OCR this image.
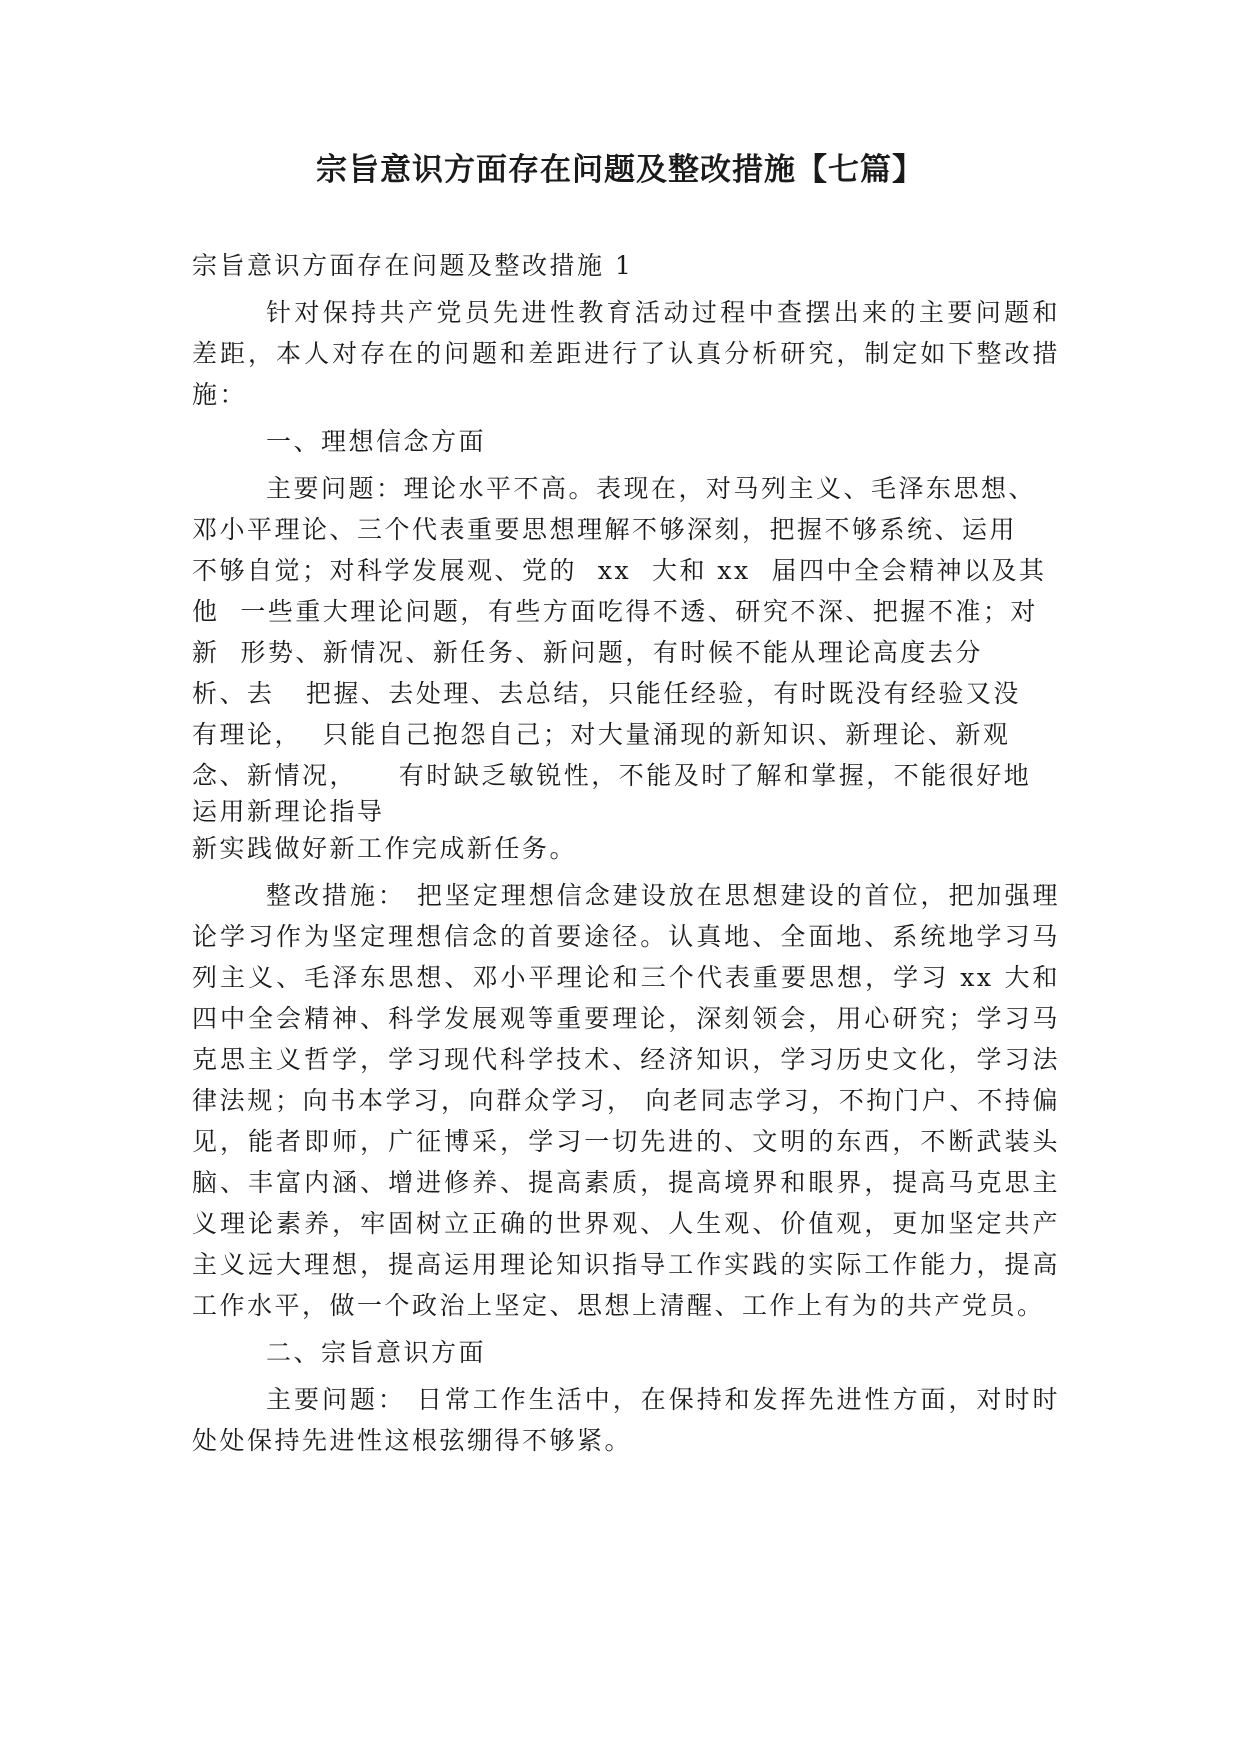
宗旨意识方面存在问题及整改措施【七篇】

宗旨意识方面存在问题及整改措施 1

针对保持共产党员先进性教育活动过程中查摆出来的主要问题和差距，本人对存在的问题和差距进行了认真分析研究，制定如下整改措施：

一、理想信念方面

主要问题：理论水平不高。表现在，对马列主义、毛泽东思想、
邓小平理论、三个代表重要思想理解不够深刻，把握不够系统、运用
不够自觉；对科学发展观、党的  xx  大和 xx  届四中全会精神以及其
他  一些重大理论问题，有些方面吃得不透、研究不深、把握不准；对
新  形势、新情况、新任务、新问题，有时候不能从理论高度去分
析、去   把握、去处理、去总结，只能任经验，有时既没有经验又没
有理论，  只能自己抱怨自己；对大量涌现的新知识、新理论、新观
念、新情况，    有时缺乏敏锐性，不能及时了解和掌握，不能很好地
运用新理论指导
新实践做好新工作完成新任务。

整改措施： 把坚定理想信念建设放在思想建设的首位，把加强理论学习作为坚定理想信念的首要途径。认真地、全面地、系统地学习马列主义、毛泽东思想、邓小平理论和三个代表重要思想，学习 xx 大和四中全会精神、科学发展观等重要理论，深刻领会，用心研究；学习马克思主义哲学，学习现代科学技术、经济知识，学习历史文化，学习法律法规；向书本学习，向群众学习， 向老同志学习，不拘门户、不持偏见，能者即师，广征博采，学习一切先进的、文明的东西，不断武装头脑、丰富内涵、增进修养、提高素质，提高境界和眼界，提高马克思主义理论素养，牢固树立正确的世界观、人生观、价值观，更加坚定共产主义远大理想，提高运用理论知识指导工作实践的实际工作能力，提高工作水平，做一个政治上坚定、思想上清醒、工作上有为的共产党员。

二、宗旨意识方面

主要问题： 日常工作生活中，在保持和发挥先进性方面，对时时处处保持先进性这根弦绷得不够紧。
